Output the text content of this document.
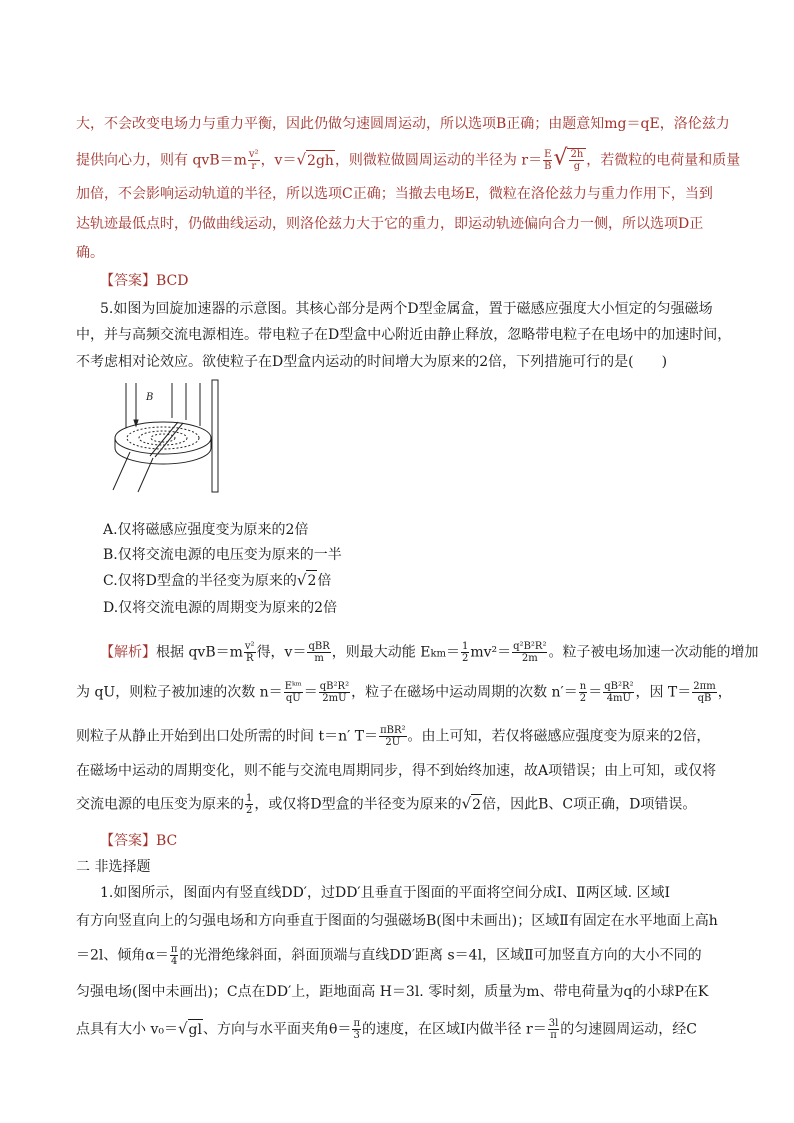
大，不会改变电场力与重力平衡，因此仍做匀速圆周运动，所以选项B正确；由题意知mg＝qE，洛伦兹力
提供向心力，则有 $qvB=m \frac{\text{v²}}{r}$ ，v＝√2gh，则微粒做圆周运动的半径为 $r= \frac{E}{B}$ √ $\frac{2h}{g}$ ，若微粒的电荷量和质量
加倍，不会影响运动轨道的半径，所以选项C正确；当撤去电场E，微粒在洛伦兹力与重力作用下，当到
达轨迹最低点时，仍做曲线运动，则洛伦兹力大于它的重力，即运动轨迹偏向合力一侧，所以选项D正
确。
【答案】BCD
5.如图为回旋加速器的示意图。其核心部分是两个D型金属盒，置于磁感应强度大小恒定的匀强磁场
中，并与高频交流电源相连。带电粒子在D型盒中心附近由静止释放，忽略带电粒子在电场中的加速时间，
不考虑相对论效应。欲使粒子在D型盒内运动的时间增大为原来的2倍，下列措施可行的是(　　)
B
A.仅将磁感应强度变为原来的2倍
B.仅将交流电源的电压变为原来的一半
C.仅将D型盒的半径变为原来的√2倍
D.仅将交流电源的周期变为原来的2倍
【解析】根据 $qvB=m \frac{\text{v²}}{R}$ 得，$v= \frac{\text{qBR}}{m}$ ，则最大动能 $Ekm= \frac{1}{2} mv^2= \frac{\text{q²B²R²}}{2m}$ 。粒子被电场加速一次动能的增加
为 qU，则粒子被加速的次数 $n= \frac{\text{Eᵏᵐ}}{qU} = \frac{\text{qB²R²}}{2mU}$ ，粒子在磁场中运动周期的次数 $n'= \frac{n}{2} = \frac{\text{qB²R²}}{4mU}$ ，因 $T= \frac{2\pi m}{qB}$ ，
则粒子从静止开始到出口处所需的时间 t＝n′ $T= \frac{\text{πBR²}}{2U}$ 。由上可知，若仅将磁感应强度变为原来的2倍，
在磁场中运动的周期变化，则不能与交流电周期同步，得不到始终加速，故A项错误；由上可知，或仅将
交流电源的电压变为原来的 $\frac{1}{2}$ ，或仅将D型盒的半径变为原来的√2倍，因此B、C项正确，D项错误。
【答案】BC
二 非选择题
1.如图所示，图面内有竖直线DD′，过DD′且垂直于图面的平面将空间分成Ⅰ、Ⅱ两区域. 区域Ⅰ
有方向竖直向上的匀强电场和方向垂直于图面的匀强磁场B(图中未画出)；区域Ⅱ有固定在水平地面上高h
＝2l、倾角$\alpha= \frac{\pi}{4}$ 的光滑绝缘斜面，斜面顶端与直线DD′距离 s＝4l，区域Ⅱ可加竖直方向的大小不同的
匀强电场(图中未画出)；C点在DD′上，距地面高 H＝3l. 零时刻，质量为m、带电荷量为q的小球P在K
点具有大小 v₀＝√gl、方向与水平面夹角$\theta= \frac{\pi}{3}$ 的速度，在区域Ⅰ内做半径 $r= \frac{3l}{\pi}$ 的匀速圆周运动，经C
